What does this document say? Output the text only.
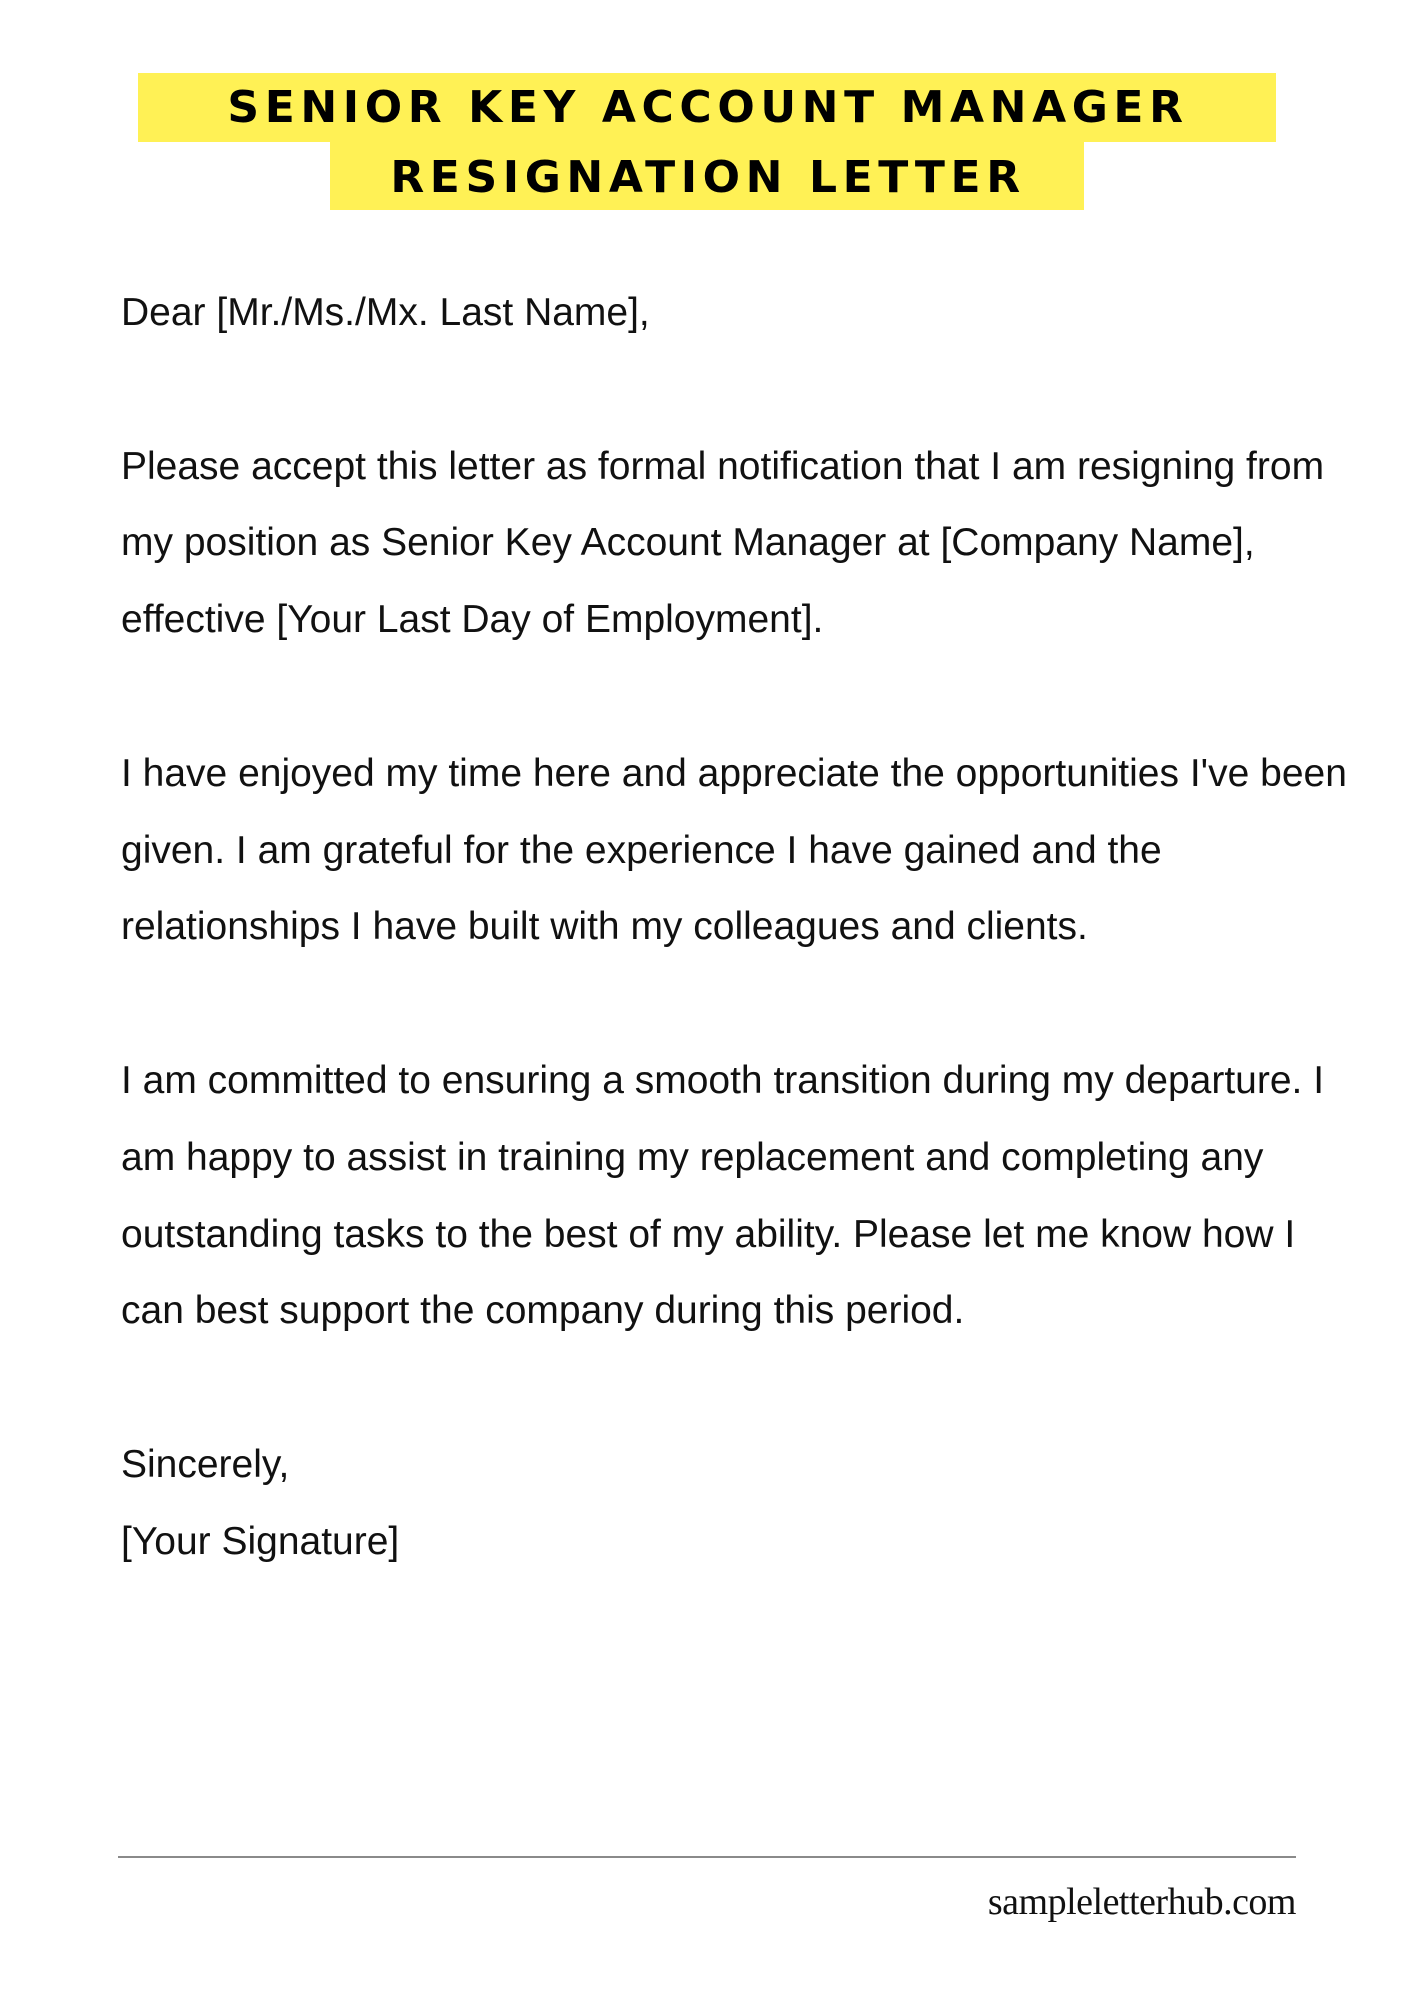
SENIOR KEY ACCOUNT MANAGER
RESIGNATION LETTER

Dear [Mr./Ms./Mx. Last Name],

Please accept this letter as formal notification that I am resigning from my position as Senior Key Account Manager at [Company Name], effective [Your Last Day of Employment].

I have enjoyed my time here and appreciate the opportunities I've been given. I am grateful for the experience I have gained and the relationships I have built with my colleagues and clients.

I am committed to ensuring a smooth transition during my departure. I am happy to assist in training my replacement and completing any outstanding tasks to the best of my ability. Please let me know how I can best support the company during this period.

Sincerely,

[Your Signature]

sampleletterhub.com
